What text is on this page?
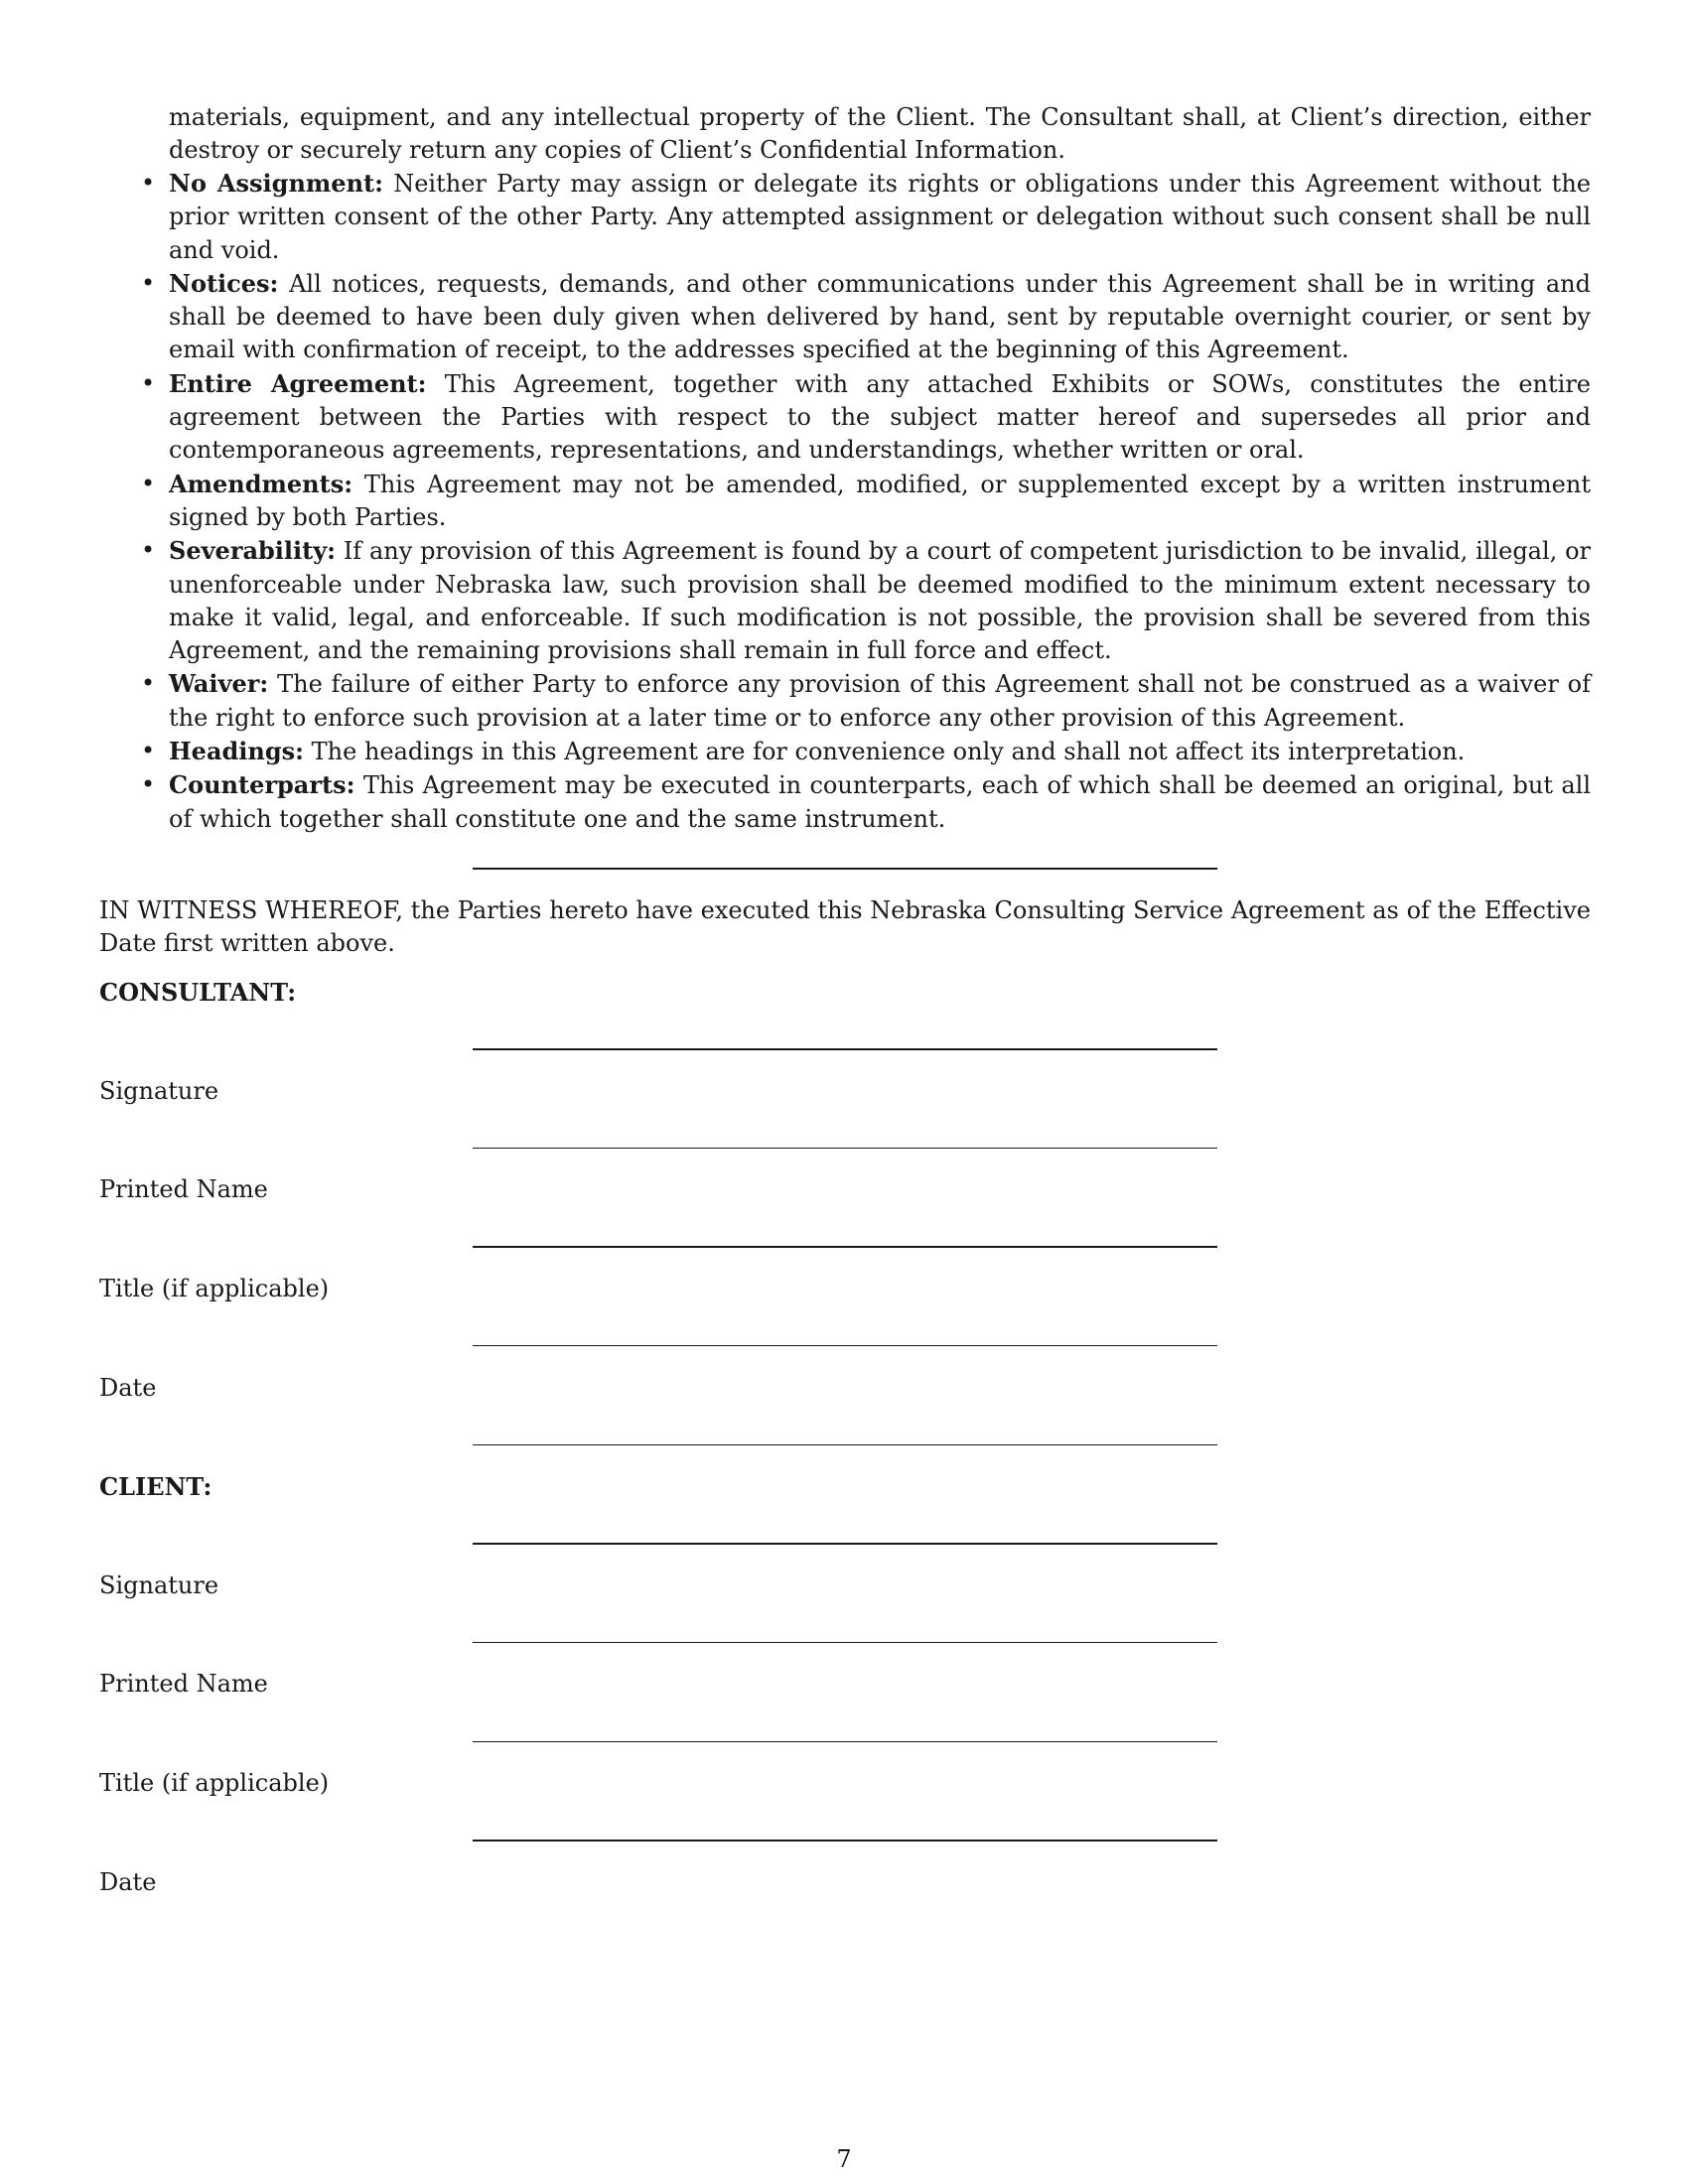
materials, equipment, and any intellectual property of the Client. The Consultant shall, at Client’s direction, either destroy or securely return any copies of Client’s Confidential Information.
• No Assignment: Neither Party may assign or delegate its rights or obligations under this Agreement without the prior written consent of the other Party. Any attempted assignment or delegation without such consent shall be null and void.
• Notices: All notices, requests, demands, and other communications under this Agreement shall be in writing and shall be deemed to have been duly given when delivered by hand, sent by reputable overnight courier, or sent by email with confirmation of receipt, to the addresses specified at the beginning of this Agreement.
• Entire Agreement: This Agreement, together with any attached Exhibits or SOWs, constitutes the entire agreement between the Parties with respect to the subject matter hereof and supersedes all prior and contemporaneous agreements, representations, and understandings, whether written or oral.
• Amendments: This Agreement may not be amended, modified, or supplemented except by a written instrument signed by both Parties.
• Severability: If any provision of this Agreement is found by a court of competent jurisdiction to be invalid, illegal, or unenforceable under Nebraska law, such provision shall be deemed modified to the minimum extent necessary to make it valid, legal, and enforceable. If such modification is not possible, the provision shall be severed from this Agreement, and the remaining provisions shall remain in full force and effect.
• Waiver: The failure of either Party to enforce any provision of this Agreement shall not be construed as a waiver of the right to enforce such provision at a later time or to enforce any other provision of this Agreement.
• Headings: The headings in this Agreement are for convenience only and shall not affect its interpretation.
• Counterparts: This Agreement may be executed in counterparts, each of which shall be deemed an original, but all of which together shall constitute one and the same instrument.
IN WITNESS WHEREOF, the Parties hereto have executed this Nebraska Consulting Service Agreement as of the Effective Date first written above.
CONSULTANT:
Signature
Printed Name
Title (if applicable)
Date
CLIENT:
Signature
Printed Name
Title (if applicable)
Date
7
